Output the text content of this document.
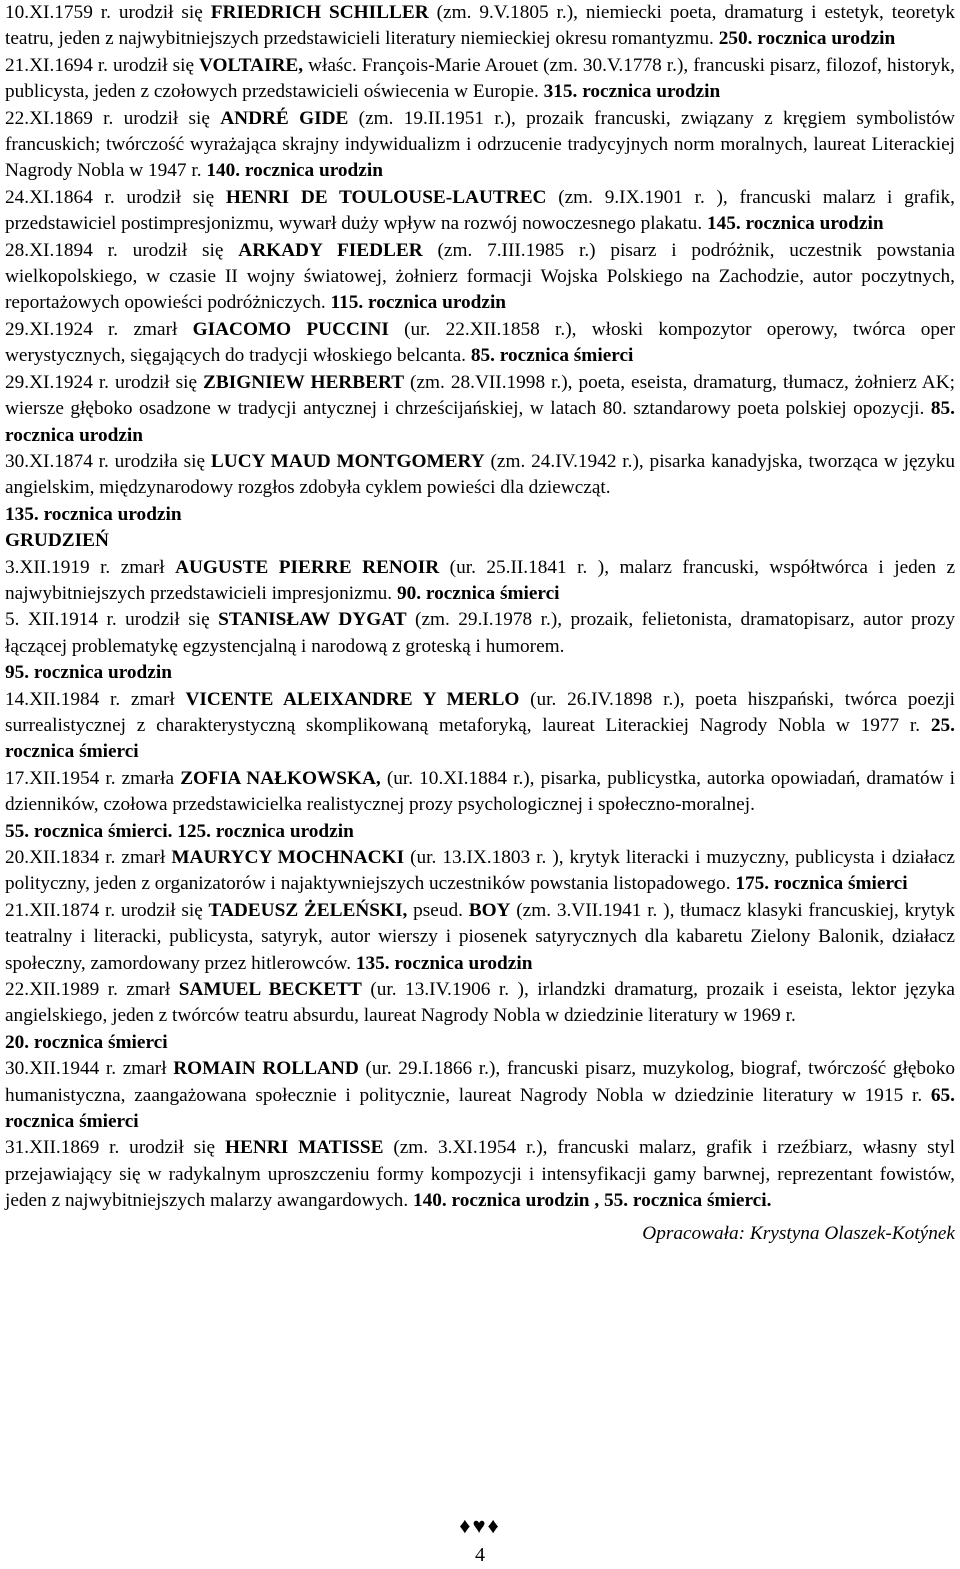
10.XI.1759 r. urodził się FRIEDRICH SCHILLER (zm. 9.V.1805 r.), niemiecki poeta, dramaturg i estetyk, teoretyk teatru, jeden z najwybitniejszych przedstawicieli literatury niemieckiej okresu romantyzmu. 250. rocznica urodzin

21.XI.1694 r. urodził się VOLTAIRE, właśc. François-Marie Arouet (zm. 30.V.1778 r.), francuski pisarz, filozof, historyk, publicysta, jeden z czołowych przedstawicieli oświecenia w Europie. 315. rocznica urodzin

22.XI.1869 r. urodził się ANDRÉ GIDE (zm. 19.II.1951 r.), prozaik francuski, związany z kręgiem symbolistów francuskich; twórczość wyrażająca skrajny indywidualizm i odrzucenie tradycyjnych norm moralnych, laureat Literackiej Nagrody Nobla w 1947 r. 140. rocznica urodzin

24.XI.1864 r. urodził się HENRI DE TOULOUSE-LAUTREC (zm. 9.IX.1901 r. ), francuski malarz i grafik, przedstawiciel postimpresjonizmu, wywarł duży wpływ na rozwój nowoczesnego plakatu. 145. rocznica urodzin

28.XI.1894 r. urodził się ARKADY FIEDLER (zm. 7.III.1985 r.) pisarz i podróżnik, uczestnik powstania wielkopolskiego, w czasie II wojny światowej, żołnierz formacji Wojska Polskiego na Zachodzie, autor poczytnych, reportażowych opowieści podróżniczych. 115. rocznica urodzin

29.XI.1924 r. zmarł GIACOMO PUCCINI (ur. 22.XII.1858 r.), włoski kompozytor operowy, twórca oper werystycznych, sięgających do tradycji włoskiego belcanta. 85. rocznica śmierci

29.XI.1924 r. urodził się ZBIGNIEW HERBERT (zm. 28.VII.1998 r.), poeta, eseista, dramaturg, tłumacz, żołnierz AK; wiersze głęboko osadzone w tradycji antycznej i chrześcijańskiej, w latach 80. sztandarowy poeta polskiej opozycji. 85. rocznica urodzin

30.XI.1874 r. urodziła się LUCY MAUD MONTGOMERY (zm. 24.IV.1942 r.), pisarka kanadyjska, tworząca w języku angielskim, międzynarodowy rozgłos zdobyła cyklem powieści dla dziewcząt.
135. rocznica urodzin

GRUDZIEŃ

3.XII.1919 r. zmarł AUGUSTE PIERRE RENOIR (ur. 25.II.1841 r. ), malarz francuski, współtwórca i jeden z najwybitniejszych przedstawicieli impresjonizmu. 90. rocznica śmierci

5. XII.1914 r. urodził się STANISŁAW DYGAT (zm. 29.I.1978 r.), prozaik, felietonista, dramatopisarz, autor prozy łączącej problematykę egzystencjalną i narodową z groteską i humorem.
95. rocznica urodzin

14.XII.1984 r. zmarł VICENTE ALEIXANDRE Y MERLO (ur. 26.IV.1898 r.), poeta hiszpański, twórca poezji surrealistycznej z charakterystyczną skomplikowaną metaforyką, laureat Literackiej Nagrody Nobla w 1977 r. 25. rocznica śmierci

17.XII.1954 r. zmarła ZOFIA NAŁKOWSKA, (ur. 10.XI.1884 r.), pisarka, publicystka, autorka opowiadań, dramatów i dzienników, czołowa przedstawicielka realistycznej prozy psychologicznej i społeczno-moralnej.
55. rocznica śmierci. 125. rocznica urodzin

20.XII.1834 r. zmarł MAURYCY MOCHNACKI (ur. 13.IX.1803 r. ), krytyk literacki i muzyczny, publicysta i działacz polityczny, jeden z organizatorów i najaktywniejszych uczestników powstania listopadowego. 175. rocznica śmierci

21.XII.1874 r. urodził się TADEUSZ ŻELEŃSKI, pseud. BOY (zm. 3.VII.1941 r. ), tłumacz klasyki francuskiej, krytyk teatralny i literacki, publicysta, satyryk, autor wierszy i piosenek satyrycznych dla kabaretu Zielony Balonik, działacz społeczny, zamordowany przez hitlerowców. 135. rocznica urodzin

22.XII.1989 r. zmarł SAMUEL BECKETT (ur. 13.IV.1906 r. ), irlandzki dramaturg, prozaik i eseista, lektor języka angielskiego, jeden z twórców teatru absurdu, laureat Nagrody Nobla w dziedzinie literatury w 1969 r.
20. rocznica śmierci

30.XII.1944 r. zmarł ROMAIN ROLLAND (ur. 29.I.1866 r.), francuski pisarz, muzykolog, biograf, twórczość głęboko humanistyczna, zaangażowana społecznie i politycznie, laureat Nagrody Nobla w dziedzinie literatury w 1915 r. 65. rocznica śmierci

31.XII.1869 r. urodził się HENRI MATISSE (zm. 3.XI.1954 r.), francuski malarz, grafik i rzeźbiarz, własny styl przejawiający się w radykalnym uproszczeniu formy kompozycji i intensyfikacji gamy barwnej, reprezentant fowistów, jeden z najwybitniejszych malarzy awangardowych. 140. rocznica urodzin , 55. rocznica śmierci.

Opracowała: Krystyna Olaszek-Kotýnek

♦♥♦
4
